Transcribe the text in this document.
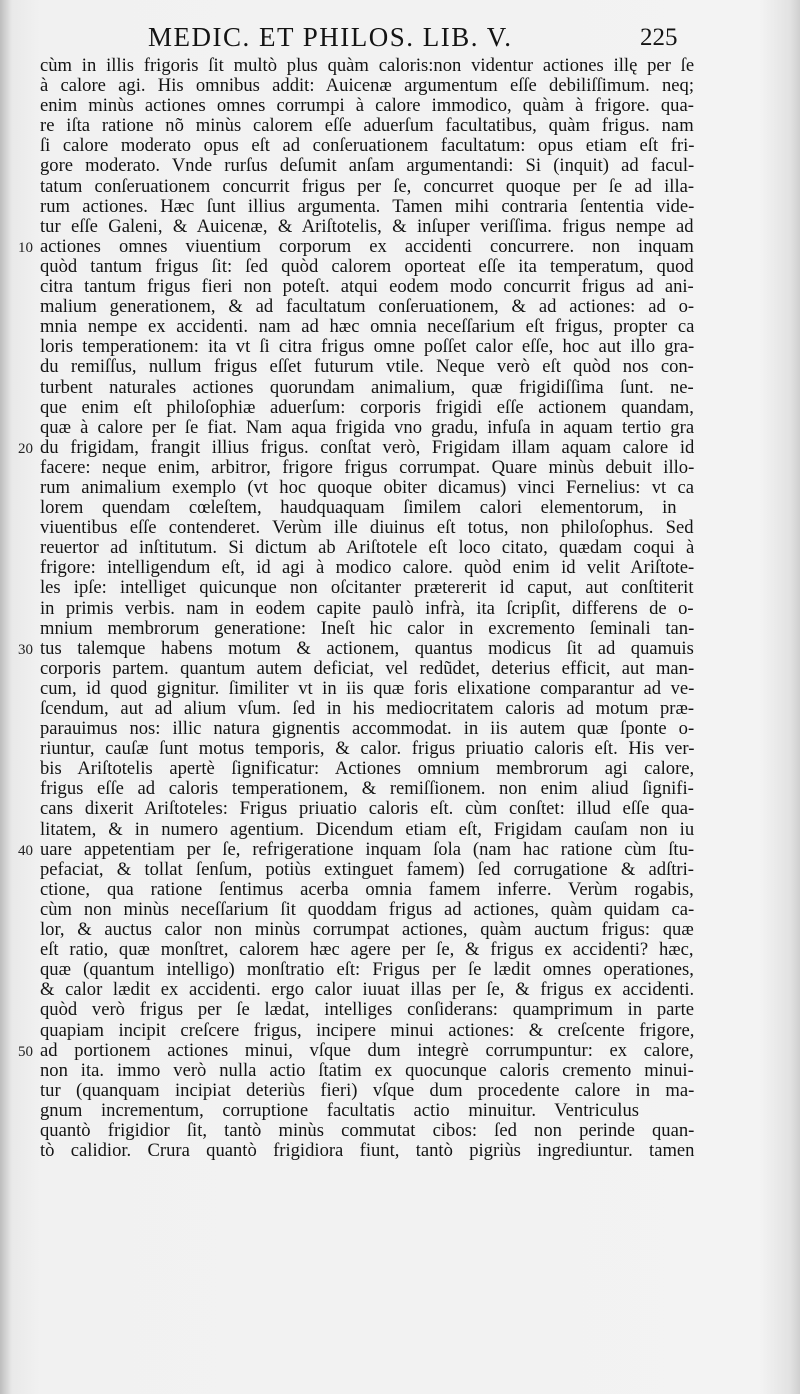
MEDIC. ET PHILOS. LIB. V.	225
cùm in illis frigoris ſit multò plus quàm caloris:non videntur actiones illę per ſe
à calore agi. His omnibus addit: Auicenæ argumentum eſſe debiliſſimum. neq;
enim minùs actiones omnes corrumpi à calore immodico, quàm à frigore. qua-
re iſta ratione nõ minùs calorem eſſe aduerſum facultatibus, quàm frigus. nam
ſi calore moderato opus eſt ad conſeruationem facultatum: opus etiam eſt fri-
gore moderato. Vnde rurſus deſumit anſam argumentandi: Si (inquit) ad facul-
tatum conſeruationem concurrit frigus per ſe, concurret quoque per ſe ad illa-
rum actiones. Hæc ſunt illius argumenta. Tamen mihi contraria ſententia vide-
tur eſſe Galeni, & Auicenæ, & Ariſtotelis, & inſuper veriſſima. frigus nempe ad
10 actiones omnes viuentium corporum ex accidenti concurrere. non inquam
quòd tantum frigus ſit: ſed quòd calorem oporteat eſſe ita temperatum, quod
citra tantum frigus fieri non poteſt. atqui eodem modo concurrit frigus ad ani-
malium generationem, & ad facultatum conſeruationem, & ad actiones: ad o-
mnia nempe ex accidenti. nam ad hæc omnia neceſſarium eſt frigus, propter ca
loris temperationem: ita vt ſi citra frigus omne poſſet calor eſſe, hoc aut illo gra-
du remiſſus, nullum frigus eſſet futurum vtile. Neque verò eſt quòd nos con-
turbent naturales actiones quorundam animalium, quæ frigidiſſima ſunt. ne-
que enim eſt philoſophiæ aduerſum: corporis frigidi eſſe actionem quandam,
quæ à calore per ſe fiat. Nam aqua frigida vno gradu, infuſa in aquam tertio gra
20 du frigidam, frangit illius frigus. conſtat verò, Frigidam illam aquam calore id
facere: neque enim, arbitror, frigore frigus corrumpat. Quare minùs debuit illo-
rum animalium exemplo (vt hoc quoque obiter dicamus) vinci Fernelius: vt ca
lorem quendam cœleſtem, haudquaquam ſimilem calori elementorum, in
viuentibus eſſe contenderet. Verùm ille diuinus eſt totus, non philoſophus. Sed
reuertor ad inſtitutum. Si dictum ab Ariſtotele eſt loco citato, quædam coqui à
frigore: intelligendum eſt, id agi à modico calore. quòd enim id velit Ariſtote-
les ipſe: intelliget quicunque non oſcitanter prætererit id caput, aut conſtiterit
in primis verbis. nam in eodem capite paulò infrà, ita ſcripſit, differens de o-
mnium membrorum generatione: Ineſt hic calor in excremento ſeminali tan-
30 tus talemque habens motum & actionem, quantus modicus ſit ad quamuis
corporis partem. quantum autem deficiat, vel redũdet, deterius efficit, aut man-
cum, id quod gignitur. ſimiliter vt in iis quæ foris elixatione comparantur ad ve-
ſcendum, aut ad alium vſum. ſed in his mediocritatem caloris ad motum præ-
parauimus nos: illic natura gignentis accommodat. in iis autem quæ ſponte o-
riuntur, cauſæ ſunt motus temporis, & calor. frigus priuatio caloris eſt. His ver-
bis Ariſtotelis apertè ſignificatur: Actiones omnium membrorum agi calore,
frigus eſſe ad caloris temperationem, & remiſſionem. non enim aliud ſignifi-
cans dixerit Ariſtoteles: Frigus priuatio caloris eſt. cùm conſtet: illud eſſe qua-
litatem, & in numero agentium. Dicendum etiam eſt, Frigidam cauſam non iu
40 uare appetentiam per ſe, refrigeratione inquam ſola (nam hac ratione cùm ſtu-
pefaciat, & tollat ſenſum, potiùs extinguet famem) ſed corrugatione & adſtri-
ctione, qua ratione ſentimus acerba omnia famem inferre. Verùm rogabis,
cùm non minùs neceſſarium ſit quoddam frigus ad actiones, quàm quidam ca-
lor, & auctus calor non minùs corrumpat actiones, quàm auctum frigus: quæ
eſt ratio, quæ monſtret, calorem hæc agere per ſe, & frigus ex accidenti? hæc,
quæ (quantum intelligo) monſtratio eſt: Frigus per ſe lædit omnes operationes,
& calor lædit ex accidenti. ergo calor iuuat illas per ſe, & frigus ex accidenti.
quòd verò frigus per ſe lædat, intelliges conſiderans: quamprimum in parte
quapiam incipit creſcere frigus, incipere minui actiones: & creſcente frigore,
50 ad portionem actiones minui, vſque dum integrè corrumpuntur: ex calore,
non ita. immo verò nulla actio ſtatim ex quocunque caloris cremento minui-
tur (quanquam incipiat deteriùs fieri) vſque dum procedente calore in ma-
gnum incrementum, corruptione facultatis actio minuitur. Ventriculus
quantò frigidior ſit, tantò minùs commutat cibos: ſed non perinde quan-
tò calidior. Crura quantò frigidiora fiunt, tantò pigriùs ingrediuntur. tamen
